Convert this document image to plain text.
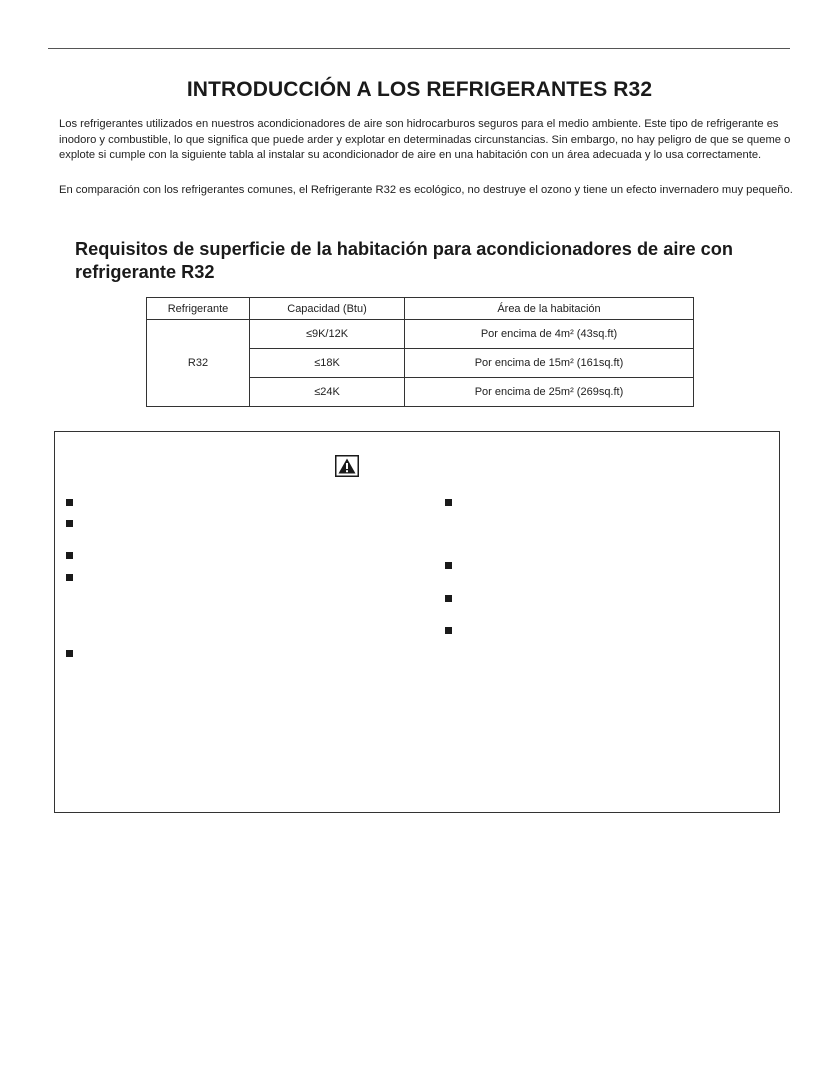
INTRODUCCIÓN A LOS REFRIGERANTES R32

Los refrigerantes utilizados en nuestros acondicionadores de aire son hidrocarburos seguros para el medio ambiente. Este tipo de refrigerante es inodoro y combustible, lo que significa que puede arder y explotar en determinadas circunstancias. Sin embargo, no hay peligro de que se queme o explote si cumple con la siguiente tabla al instalar su acondicionador de aire en una habitación con un área adecuada y lo usa correctamente.

En comparación con los refrigerantes comunes, el Refrigerante R32 es ecológico, no destruye el ozono y tiene un efecto invernadero muy pequeño.

Requisitos de superficie de la habitación para acondicionadores de aire con refrigerante R32
Refrigerante	Capacidad (Btu)	Área de la habitación
R32	≤9K/12K	Por encima de 4m² (43sq.ft)
	≤18K	Por encima de 15m² (161sq.ft)
	≤24K	Por encima de 25m² (269sq.ft)
